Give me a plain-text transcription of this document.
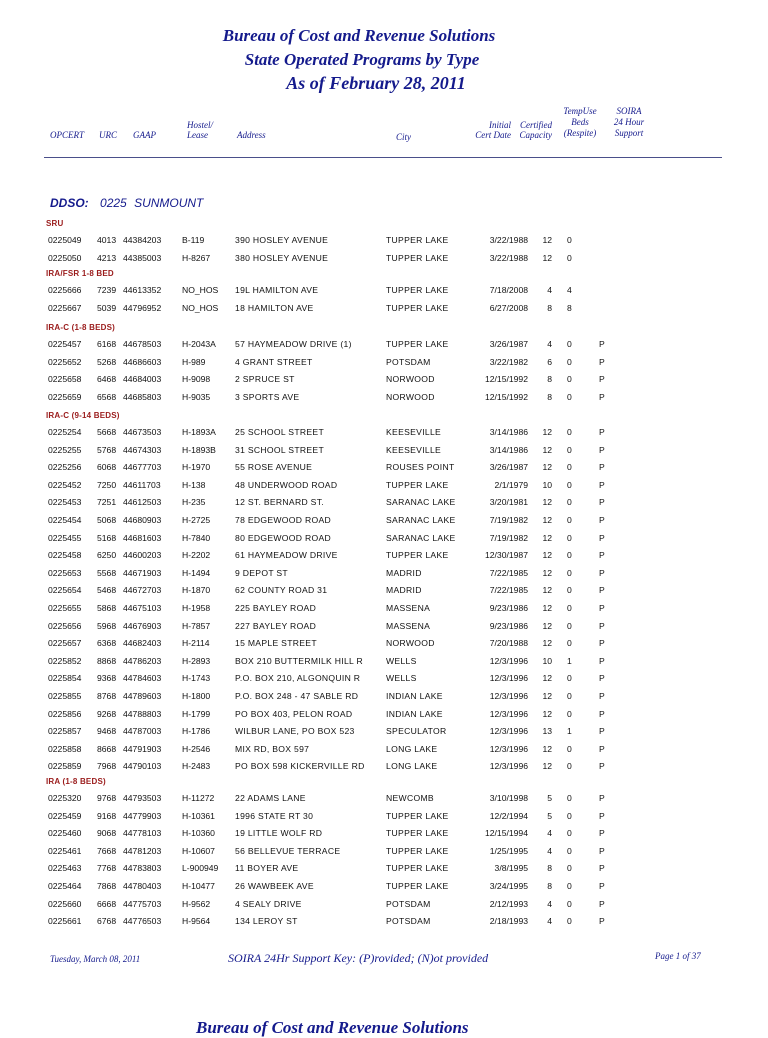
Bureau of Cost and Revenue Solutions
State Operated Programs by Type
As of February 28, 2011
OPCERT URC GAAP
Hostel/
Lease	Address	City
Initial
Cert Date
Certified
Capacity
TempUse
Beds
(Respite)
SOIRA
24 Hour
Support
DDSO: 0225 SUNMOUNT
SRU
0225049	4013 44384203	B-119	390 HOSLEY AVENUE	TUPPER LAKE	3/22/1988	12 0
0225050	4213 44385003	H-8267	380 HOSLEY AVENUE	TUPPER LAKE	3/22/1988	12 0
IRA/FSR 1-8 BED
0225666	7239 44613352	NO_HOS	19L HAMILTON AVE	TUPPER LAKE	7/18/2008	4 4
0225667	5039 44796952	NO_HOS	18 HAMILTON AVE	TUPPER LAKE	6/27/2008	8 8
IRA-C (1-8 BEDS)
0225457	6168 44678503	H-2043A	57 HAYMEADOW DRIVE (1)	TUPPER LAKE	3/26/1987	4 0	P
0225652	5268 44686603	H-989	4 GRANT STREET	POTSDAM	3/22/1982	6 0	P
0225658	6468 44684003	H-9098	2 SPRUCE ST	NORWOOD	12/15/1992	8 0	P
0225659	6568 44685803	H-9035	3 SPORTS AVE	NORWOOD	12/15/1992	8 0	P
IRA-C (9-14 BEDS)
0225254	5668 44673503	H-1893A	25 SCHOOL STREET	KEESEVILLE	3/14/1986	12 0	P
0225255	5768 44674303	H-1893B	31 SCHOOL STREET	KEESEVILLE	3/14/1986	12 0	P
0225256	6068 44677703	H-1970	55 ROSE AVENUE	ROUSES POINT	3/26/1987	12 0	P
0225452	7250 44611703	H-138	48 UNDERWOOD ROAD	TUPPER LAKE	2/1/1979	10 0	P
0225453	7251 44612503	H-235	12 ST. BERNARD ST.	SARANAC LAKE	3/20/1981	12 0	P
0225454	5068 44680903	H-2725	78 EDGEWOOD ROAD	SARANAC LAKE	7/19/1982	12 0	P
0225455	5168 44681603	H-7840	80 EDGEWOOD ROAD	SARANAC LAKE	7/19/1982	12 0	P
0225458	6250 44600203	H-2202	61 HAYMEADOW DRIVE	TUPPER LAKE	12/30/1987	12 0	P
0225653	5568 44671903	H-1494	9 DEPOT ST	MADRID	7/22/1985	12 0	P
0225654	5468 44672703	H-1870	62 COUNTY ROAD 31	MADRID	7/22/1985	12 0	P
0225655	5868 44675103	H-1958	225 BAYLEY ROAD	MASSENA	9/23/1986	12 0	P
0225656	5968 44676903	H-7857	227 BAYLEY ROAD	MASSENA	9/23/1986	12 0	P
0225657	6368 44682403	H-2114	15 MAPLE STREET	NORWOOD	7/20/1988	12 0	P
0225852	8868 44786203	H-2893	BOX 210 BUTTERMILK HILL R	WELLS	12/3/1996	10 1	P
0225854	9368 44784603	H-1743	P.O. BOX 210, ALGONQUIN R	WELLS	12/3/1996	12 0	P
0225855	8768 44789603	H-1800	P.O. BOX 248 - 47 SABLE RD	INDIAN LAKE	12/3/1996	12 0	P
0225856	9268 44788803	H-1799	PO BOX 403, PELON ROAD	INDIAN LAKE	12/3/1996	12 0	P
0225857	9468 44787003	H-1786	WILBUR LANE, PO BOX 523	SPECULATOR	12/3/1996	13 1	P
0225858	8668 44791903	H-2546	MIX RD, BOX 597	LONG LAKE	12/3/1996	12 0	P
0225859	7968 44790103	H-2483	PO BOX 598 KICKERVILLE RD	LONG LAKE	12/3/1996	12 0	P
IRA (1-8 BEDS)
0225320	9768 44793503	H-11272	22 ADAMS LANE	NEWCOMB	3/10/1998	5 0	P
0225459	9168 44779903	H-10361	1996 STATE RT 30	TUPPER LAKE	12/2/1994	5 0	P
0225460	9068 44778103	H-10360	19 LITTLE WOLF RD	TUPPER LAKE	12/15/1994	4 0	P
0225461	7668 44781203	H-10607	56 BELLEVUE TERRACE	TUPPER LAKE	1/25/1995	4 0	P
0225463	7768 44783803	L-900949	11 BOYER AVE	TUPPER LAKE	3/8/1995	8 0	P
0225464	7868 44780403	H-10477	26 WAWBEEK AVE	TUPPER LAKE	3/24/1995	8 0	P
0225660	6668 44775703	H-9562	4 SEALY DRIVE	POTSDAM	2/12/1993	4 0	P
0225661	6768 44776503	H-9564	134 LEROY ST	POTSDAM	2/18/1993	4 0	P
Tuesday, March 08, 2011	SOIRA 24Hr Support Key: (P)rovided; (N)ot provided	Page 1 of 37
Bureau of Cost and Revenue Solutions
